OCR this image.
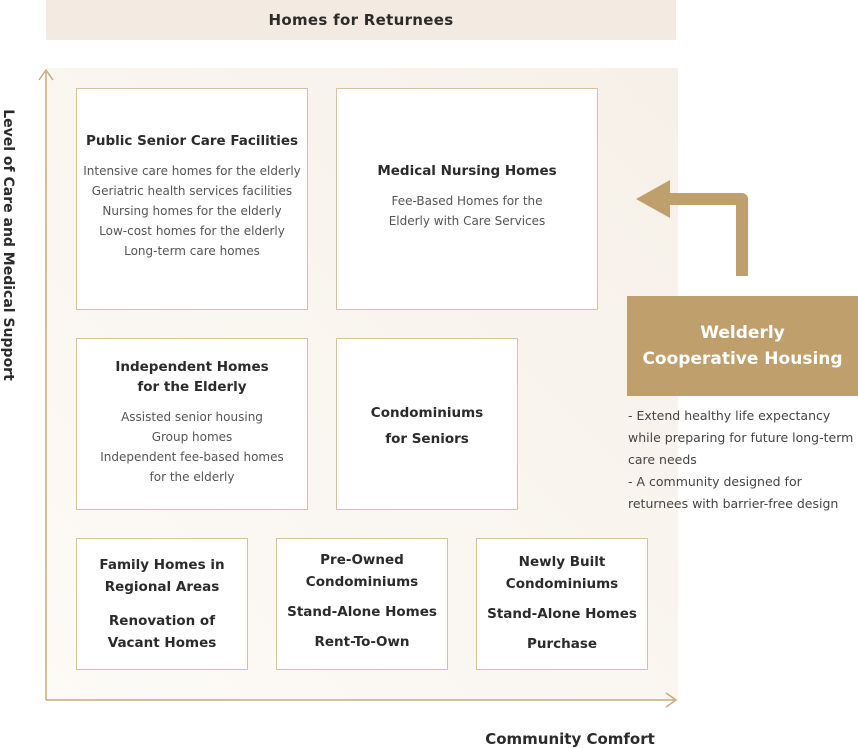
Homes for Returnees
Level of Care and Medical Support
Community Comfort
Public Senior Care Facilities
Intensive care homes for the elderly
Geriatric health services facilities
Nursing homes for the elderly
Low-cost homes for the elderly
Long-term care homes
Medical Nursing Homes
Fee-Based Homes for the
Elderly with Care Services
Independent Homes
for the Elderly
Assisted senior housing
Group homes
Independent fee-based homes
for the elderly
Condominiums
for Seniors
Family Homes in
Regional Areas
Renovation of
Vacant Homes
Pre-Owned
Condominiums
Stand-Alone Homes
Rent-To-Own
Newly Built
Condominiums
Stand-Alone Homes
Purchase
Welderly
Cooperative Housing
- Extend healthy life expectancy
while preparing for future long-term
care needs
- A community designed for
returnees with barrier-free design
